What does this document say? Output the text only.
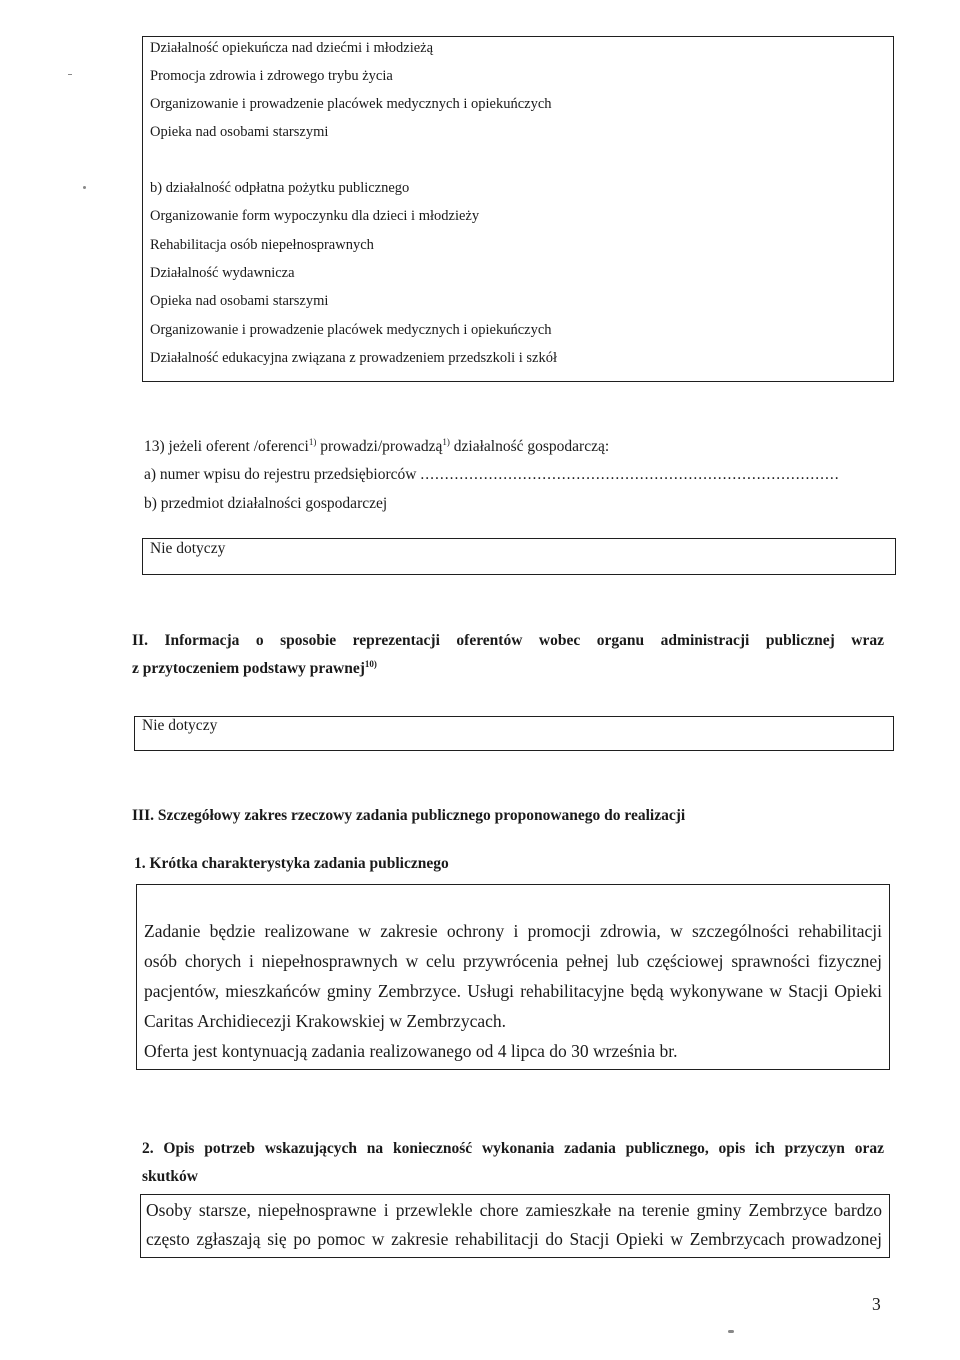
Działalność opiekuńcza nad dziećmi i młodzieżą
Promocja zdrowia i zdrowego trybu życia
Organizowanie i prowadzenie placówek medycznych i opiekuńczych
Opieka nad osobami starszymi
b) działalność odpłatna pożytku publicznego
Organizowanie form wypoczynku dla dzieci i młodzieży
Rehabilitacja osób niepełnosprawnych
Działalność wydawnicza
Opieka nad osobami starszymi
Organizowanie i prowadzenie placówek medycznych i opiekuńczych
Działalność edukacyjna związana z prowadzeniem przedszkoli i szkół
13) jeżeli oferent /oferenci$^{1)}$ prowadzi/prowadzą$^{1)}$ działalność gospodarczą:
a) numer wpisu do rejestru przedsiębiorców ......................................................................................
b) przedmiot działalności gospodarczej
Nie dotyczy
II. Informacja o sposobie reprezentacji oferentów wobec organu administracji publicznej wraz
z przytoczeniem podstawy prawnej$^{10)}$
Nie dotyczy
III. Szczegółowy zakres rzeczowy zadania publicznego proponowanego do realizacji
1. Krótka charakterystyka zadania publicznego
Zadanie będzie realizowane w zakresie ochrony i promocji zdrowia, w szczególności rehabilitacji
osób chorych i niepełnosprawnych w celu przywrócenia pełnej lub częściowej sprawności fizycznej
pacjentów, mieszkańców gminy Zembrzyce. Usługi rehabilitacyjne będą wykonywane w Stacji Opieki
Caritas Archidiecezji Krakowskiej w Zembrzycach.
Oferta jest kontynuacją zadania realizowanego od 4 lipca do 30 września br.
2. Opis potrzeb wskazujących na konieczność wykonania zadania publicznego, opis ich przyczyn oraz
skutków
Osoby starsze, niepełnosprawne i przewlekle chore zamieszkałe na terenie gminy Zembrzyce bardzo
często zgłaszają się po pomoc w zakresie rehabilitacji do Stacji Opieki w Zembrzycach prowadzonej
3
